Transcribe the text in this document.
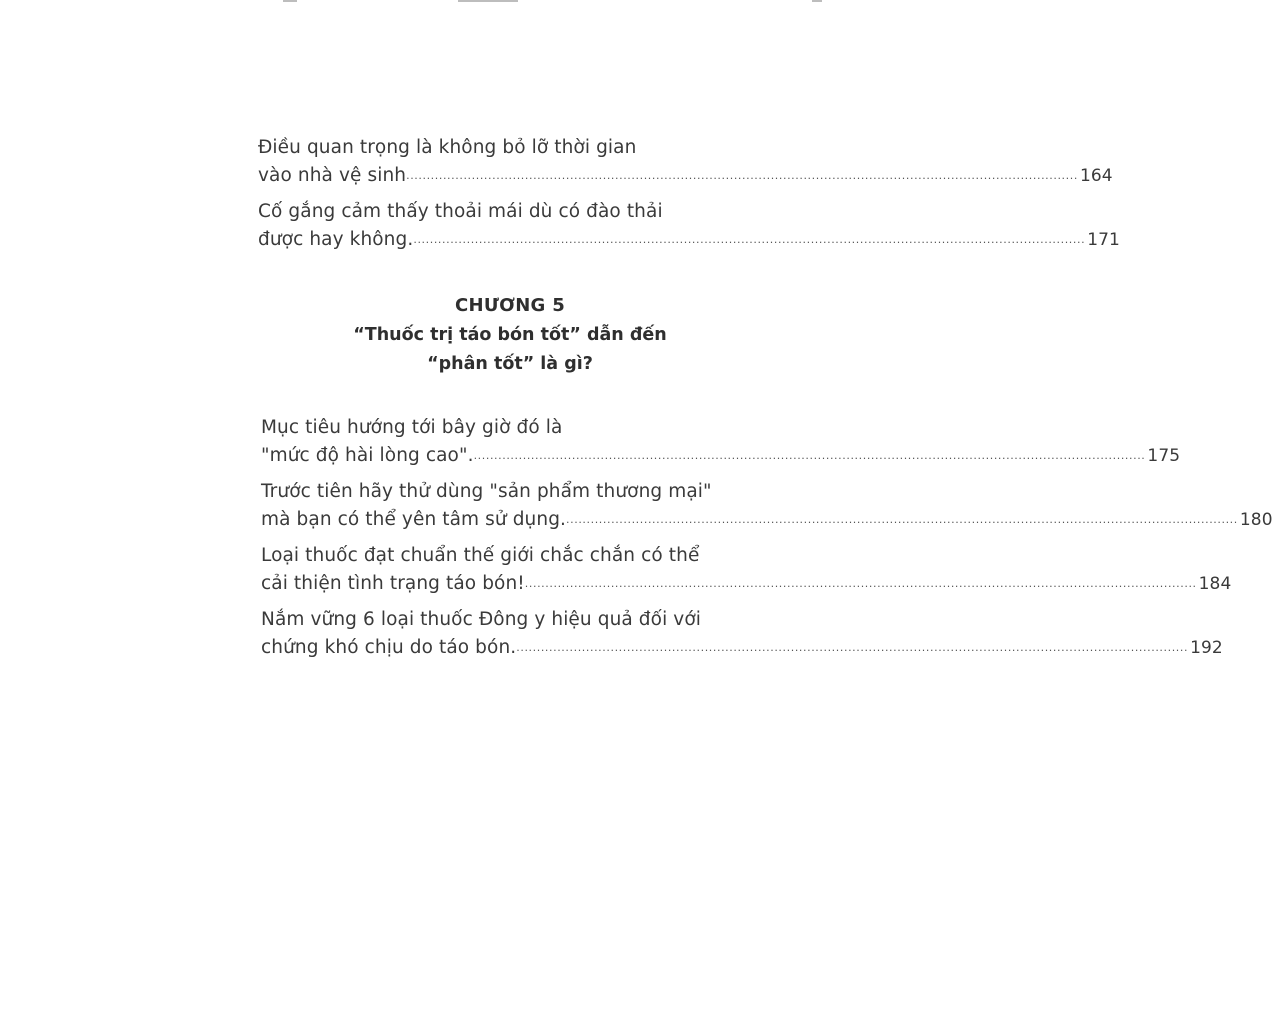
Điều quan trọng là không bỏ lỡ thời gian
vào nhà vệ sinh .................................................................................................................................................................... 164
Cố gắng cảm thấy thoải mái dù có đào thải
được hay không. .................................................................................................................................................................... 171
CHƯƠNG 5
“Thuốc trị táo bón tốt” dẫn đến
“phân tốt” là gì?
Mục tiêu hướng tới bây giờ đó là
"mức độ hài lòng cao". .................................................................................................................................................................... 175
Trước tiên hãy thử dùng "sản phẩm thương mại"
mà bạn có thể yên tâm sử dụng. .................................................................................................................................................................... 180
Loại thuốc đạt chuẩn thế giới chắc chắn có thể
cải thiện tình trạng táo bón! .................................................................................................................................................................... 184
Nắm vững 6 loại thuốc Đông y hiệu quả đối với
chứng khó chịu do táo bón. .................................................................................................................................................................... 192
